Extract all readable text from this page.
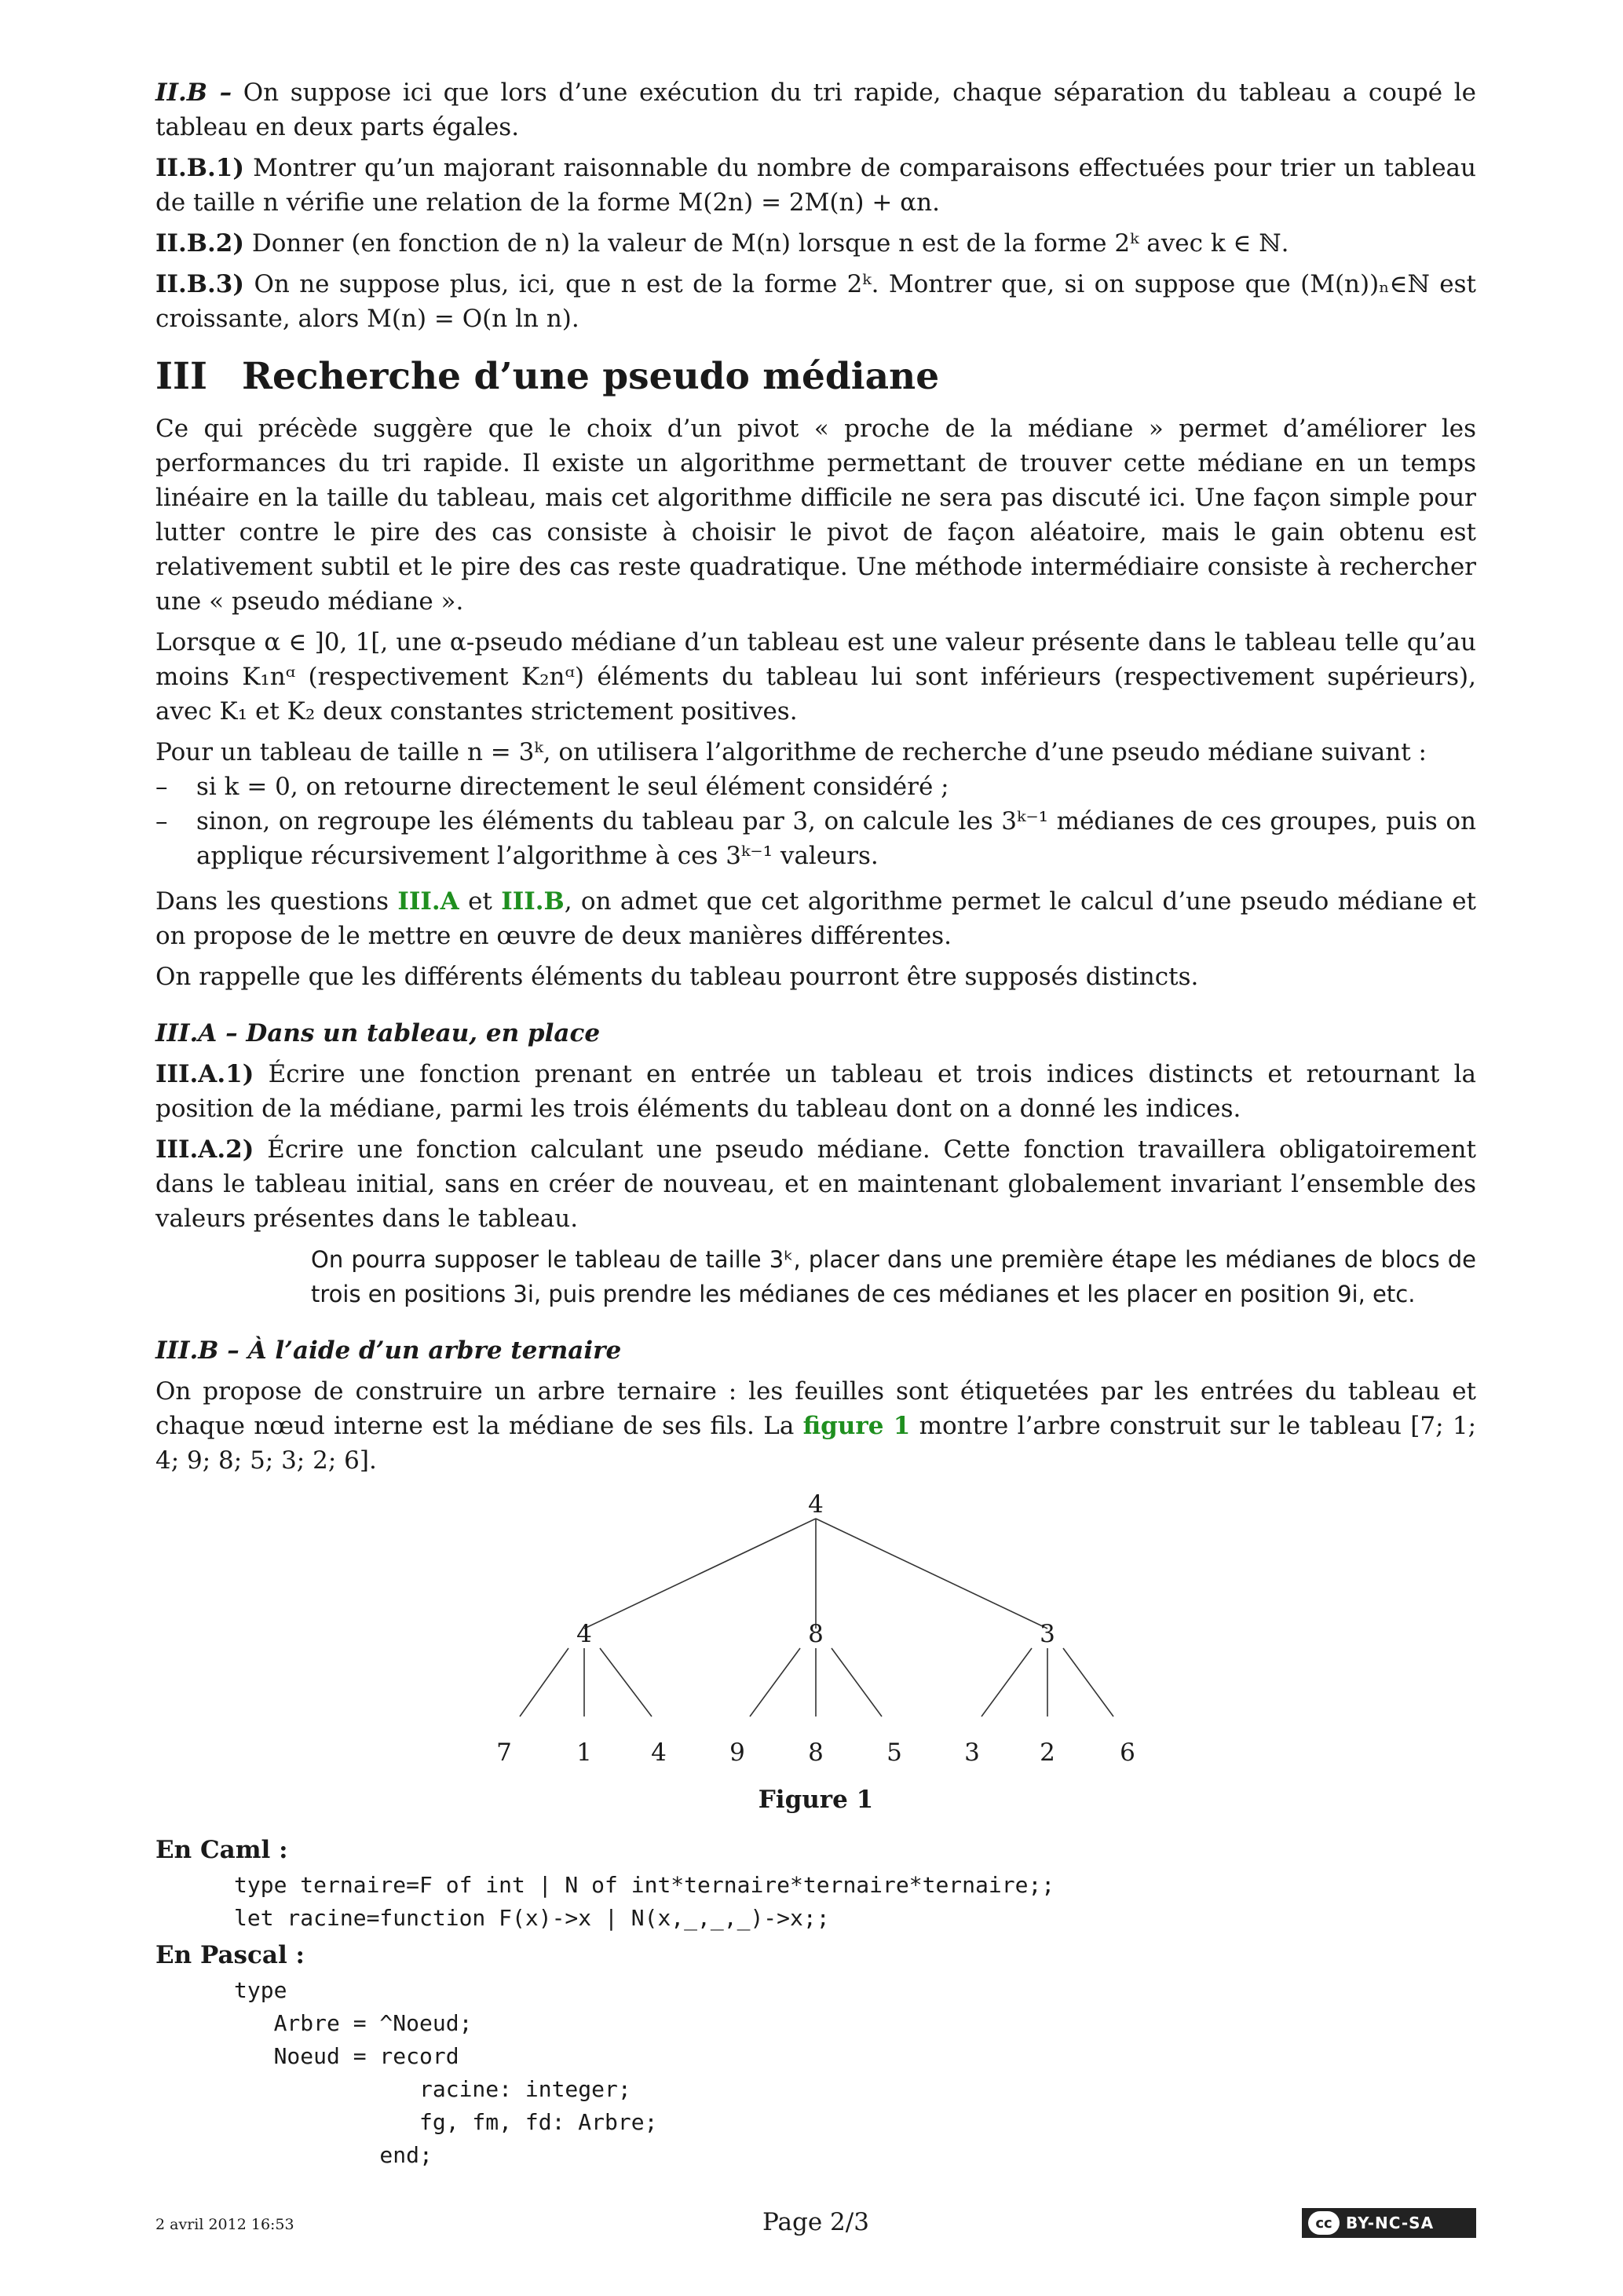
II.B – On suppose ici que lors d’une exécution du tri rapide, chaque séparation du tableau a coupé le tableau en deux parts égales.

II.B.1) Montrer qu’un majorant raisonnable du nombre de comparaisons effectuées pour trier un tableau de taille n vérifie une relation de la forme M(2n) = 2M(n) + αn.

II.B.2) Donner (en fonction de n) la valeur de M(n) lorsque n est de la forme 2ᵏ avec k ∈ ℕ.

II.B.3) On ne suppose plus, ici, que n est de la forme 2ᵏ. Montrer que, si on suppose que (M(n))ₙ∈ℕ est croissante, alors M(n) = O(n ln n).

III Recherche d’une pseudo médiane

Ce qui précède suggère que le choix d’un pivot « proche de la médiane » permet d’améliorer les performances du tri rapide. Il existe un algorithme permettant de trouver cette médiane en un temps linéaire en la taille du tableau, mais cet algorithme difficile ne sera pas discuté ici. Une façon simple pour lutter contre le pire des cas consiste à choisir le pivot de façon aléatoire, mais le gain obtenu est relativement subtil et le pire des cas reste quadratique. Une méthode intermédiaire consiste à rechercher une « pseudo médiane ».

Lorsque α ∈ ]0, 1[, une α-pseudo médiane d’un tableau est une valeur présente dans le tableau telle qu’au moins K₁nᵅ (respectivement K₂nᵅ) éléments du tableau lui sont inférieurs (respectivement supérieurs), avec K₁ et K₂ deux constantes strictement positives.

Pour un tableau de taille n = 3ᵏ, on utilisera l’algorithme de recherche d’une pseudo médiane suivant :

– si k = 0, on retourne directement le seul élément considéré ;
– sinon, on regroupe les éléments du tableau par 3, on calcule les 3ᵏ⁻¹ médianes de ces groupes, puis on applique récursivement l’algorithme à ces 3ᵏ⁻¹ valeurs.

Dans les questions III.A et III.B, on admet que cet algorithme permet le calcul d’une pseudo médiane et on propose de le mettre en œuvre de deux manières différentes.

On rappelle que les différents éléments du tableau pourront être supposés distincts.

III.A – Dans un tableau, en place

III.A.1) Écrire une fonction prenant en entrée un tableau et trois indices distincts et retournant la position de la médiane, parmi les trois éléments du tableau dont on a donné les indices.

III.A.2) Écrire une fonction calculant une pseudo médiane. Cette fonction travaillera obligatoirement dans le tableau initial, sans en créer de nouveau, et en maintenant globalement invariant l’ensemble des valeurs présentes dans le tableau.

On pourra supposer le tableau de taille 3ᵏ, placer dans une première étape les médianes de blocs de trois en positions 3i, puis prendre les médianes de ces médianes et les placer en position 9i, etc.

III.B – À l’aide d’un arbre ternaire

On propose de construire un arbre ternaire : les feuilles sont étiquetées par les entrées du tableau et chaque nœud interne est la médiane de ses fils. La figure 1 montre l’arbre construit sur le tableau [7; 1; 4; 9; 8; 5; 3; 2; 6].

4
4	8	3
7	1 4	9	8	5	3 2	6
Figure 1

En Caml :

type ternaire=F of int | N of int*ternaire*ternaire*ternaire;;
let racine=function F(x)->x | N(x,_,_,_)->x;;

En Pascal :

type
Arbre = ^Noeud;
Noeud = record
racine: integer;
fg, fm, fd: Arbre;
end;
2 avril 2012 16:53	Page 2/3	cc BY-NC-SA
